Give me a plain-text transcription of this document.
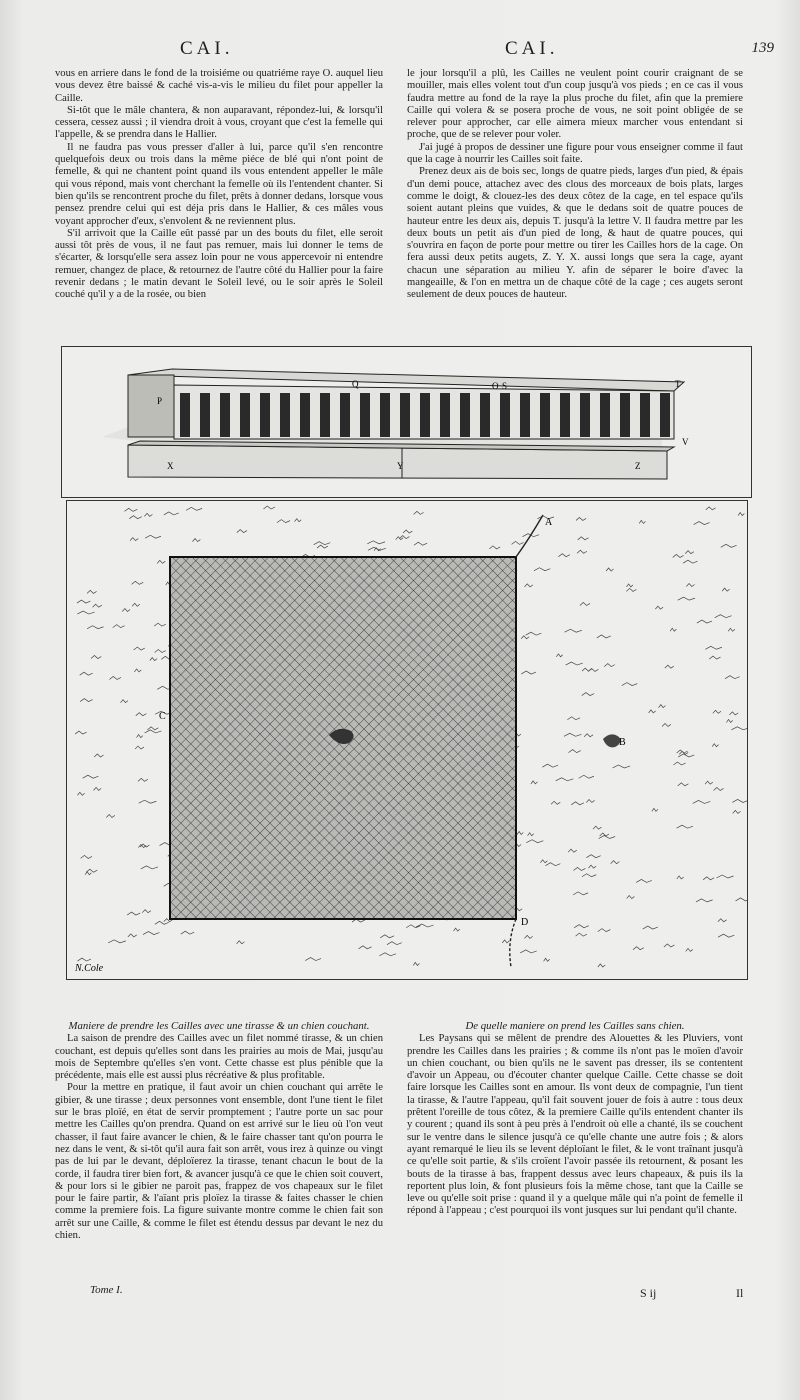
CAI.	CAI.	139

vous en arriere dans le fond de la troisiéme ou quatriéme raye O. auquel lieu vous devez être baissé & caché vis-a-vis le milieu du filet pour appeller la Caille.

Si-tôt que le mâle chantera, & non auparavant, répondez-lui, & lorsqu'il cessera, cessez aussi ; il viendra droit à vous, croyant que c'est la femelle qui l'appelle, & se prendra dans le Hallier.

Il ne faudra pas vous presser d'aller à lui, parce qu'il s'en rencontre quelquefois deux ou trois dans la même piéce de blé qui n'ont point de femelle, & qui ne chantent point quand ils vous entendent appeller le mâle qui vous répond, mais vont cherchant la femelle où ils l'entendent chanter. Si bien qu'ils se rencontrent proche du filet, prêts à donner dedans, lorsque vous pensez prendre celui qui est déja pris dans le Hallier, & ces mâles vous voyant approcher d'eux, s'envolent & ne reviennent plus.

S'il arrivoit que la Caille eût passé par un des bouts du filet, elle seroit aussi tôt près de vous, il ne faut pas remuer, mais lui donner le tems de s'écarter, & lorsqu'elle sera assez loin pour ne vous appercevoir ni entendre remuer, changez de place, & retournez de l'autre côté du Hallier pour la faire revenir dedans ; le matin devant le Soleil levé, ou le soir après le Soleil couché qu'il y a de la rosée, ou bien

le jour lorsqu'il a plû, les Cailles ne veulent point courir craignant de se mouiller, mais elles volent tout d'un coup jusqu'à vos pieds ; en ce cas il vous faudra mettre au fond de la raye la plus proche du filet, afin que la premiere Caille qui volera & se posera proche de vous, ne soit point obligée de se relever pour approcher, car elle aimera mieux marcher vous entendant si proche, que de se relever pour voler.

J'ai jugé à propos de dessiner une figure pour vous enseigner comme il faut que la cage à nourrir les Cailles soit faite.

Prenez deux ais de bois sec, longs de quatre pieds, larges d'un pied, & épais d'un demi pouce, attachez avec des clous des morceaux de bois plats, larges comme le doigt, & clouez-les des deux côtez de la cage, en tel espace qu'ils soient autant pleins que vuides, & que le dedans soit de quatre pouces de hauteur entre les deux ais, depuis T. jusqu'à la lettre V. Il faudra mettre par les deux bouts un petit ais d'un pied de long, & haut de quatre pouces, qui s'ouvrira en façon de porte pour mettre ou tirer les Cailles hors de la cage. On fera aussi deux petits augets, Z. Y. X. aussi longs que sera la cage, ayant chacun une séparation au milieu Y. afin de séparer le boire d'avec la mangeaille, & l'on en mettra un de chaque côté de la cage ; ces augets seront seulement de deux pouces de hauteur.

P
Q	O S	T
V
X	Y	Z
A
B
C
D
N.Cole
Maniere de prendre les Cailles avec une tirasse & un chien couchant.

La saison de prendre des Cailles avec un filet nommé tirasse, & un chien couchant, est depuis qu'elles sont dans les prairies au mois de Mai, jusqu'au mois de Septembre qu'elles s'en vont. Cette chasse est plus pénible que la précédente, mais elle est aussi plus récréative & plus profitable.

Pour la mettre en pratique, il faut avoir un chien couchant qui arrête le gibier, & une tirasse ; deux personnes vont ensemble, dont l'une tient le filet sur le bras ploïé, en état de servir promptement ; l'autre porte un sac pour mettre les Cailles qu'on prendra. Quand on est arrivé sur le lieu où l'on veut chasser, il faut faire avancer le chien, & le faire chasser tant qu'on pourra le nez dans le vent, & si-tôt qu'il aura fait son arrêt, vous irez à quinze ou vingt pas de lui par le devant, déploïerez la tirasse, tenant chacun le bout de la corde, il faudra tirer bien fort, & avancer jusqu'à ce que le chien soit couvert, & pour lors si le gibier ne paroit pas, frappez de vos chapeaux sur le filet pour le faire partir, & l'aïant pris ploïez la tirasse & faites chasser le chien comme la premiere fois. La figure suivante montre comme le chien fait son arrêt sur une Caille, & comme le filet est étendu dessus par devant le nez du chien.

De quelle maniere on prend les Cailles sans chien.

Les Paysans qui se mêlent de prendre des Alouettes & les Pluviers, vont prendre les Cailles dans les prairies ; & comme ils n'ont pas le moïen d'avoir un chien couchant, ou bien qu'ils ne le savent pas dresser, ils se contentent d'avoir un Appeau, ou d'écouter chanter quelque Caille. Cette chasse se doit faire lorsque les Cailles sont en amour. Ils vont deux de compagnie, l'un tient la tirasse, & l'autre l'appeau, qu'il fait souvent jouer de fois à autre : tous deux prêtent l'oreille de tous côtez, & la premiere Caille qu'ils entendent chanter ils y courent ; quand ils sont à peu près à l'endroit où elle a chanté, ils se couchent sur le ventre dans le silence jusqu'à ce qu'elle chante une autre fois ; & alors ayant remarqué le lieu ils se levent déploïant le filet, & le vont traînant jusqu'à ce qu'elle soit partie, & s'ils croïent l'avoir passée ils retournent, & posant les bouts de la tirasse à bas, frappent dessus avec leurs chapeaux, & puis ils la reportent plus loin, & font plusieurs fois la même chose, tant que la Caille se leve ou qu'elle soit prise : quand il y a quelque mâle qui n'a point de femelle il répond à l'appeau ; c'est pourquoi ils vont jusques sur lui pendant qu'il chante.

Tome I.	S ij	Il
